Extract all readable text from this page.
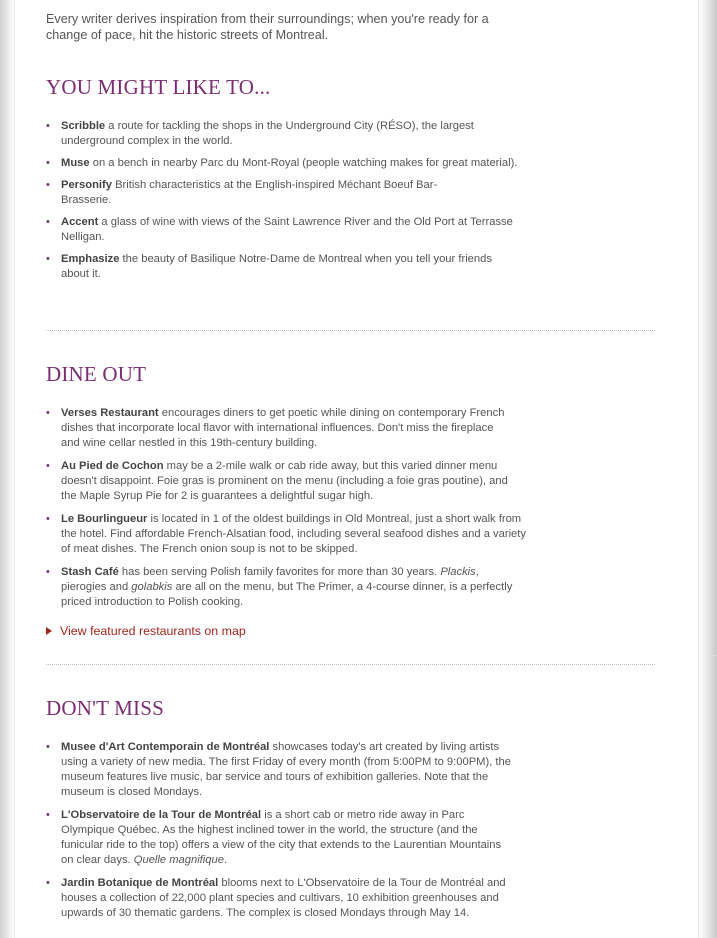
Every writer derives inspiration from their surroundings; when you're ready for a change of pace, hit the historic streets of Montreal.

YOU MIGHT LIKE TO...
• Scribble a route for tackling the shops in the Underground City (RÉSO), the largest underground complex in the world.
• Muse on a bench in nearby Parc du Mont-Royal (people watching makes for great material).
• Personify British characteristics at the English-inspired Méchant Boeuf Bar-Brasserie.
• Accent a glass of wine with views of the Saint Lawrence River and the Old Port at Terrasse Nelligan.
• Emphasize the beauty of Basilique Notre-Dame de Montreal when you tell your friends about it.
DINE OUT
• Verses Restaurant encourages diners to get poetic while dining on contemporary French dishes that incorporate local flavor with international influences. Don't miss the fireplace and wine cellar nestled in this 19th-century building.
• Au Pied de Cochon may be a 2-mile walk or cab ride away, but this varied dinner menu doesn't disappoint. Foie gras is prominent on the menu (including a foie gras poutine), and the Maple Syrup Pie for 2 is guarantees a delightful sugar high.
• Le Bourlingueur is located in 1 of the oldest buildings in Old Montreal, just a short walk from the hotel. Find affordable French-Alsatian food, including several seafood dishes and a variety of meat dishes. The French onion soup is not to be skipped.
• Stash Café has been serving Polish family favorites for more than 30 years. Plackis, pierogies and golabkis are all on the menu, but The Primer, a 4-course dinner, is a perfectly priced introduction to Polish cooking.
View featured restaurants on map
DON'T MISS
• Musee d'Art Contemporain de Montréal showcases today's art created by living artists using a variety of new media. The first Friday of every month (from 5:00PM to 9:00PM), the museum features live music, bar service and tours of exhibition galleries. Note that the museum is closed Mondays.
• L'Observatoire de la Tour de Montréal is a short cab or metro ride away in Parc Olympique Québec. As the highest inclined tower in the world, the structure (and the funicular ride to the top) offers a view of the city that extends to the Laurentian Mountains on clear days. Quelle magnifique.
• Jardin Botanique de Montréal blooms next to L'Observatoire de la Tour de Montréal and houses a collection of 22,000 plant species and cultivars, 10 exhibition greenhouses and upwards of 30 thematic gardens. The complex is closed Mondays through May 14.
